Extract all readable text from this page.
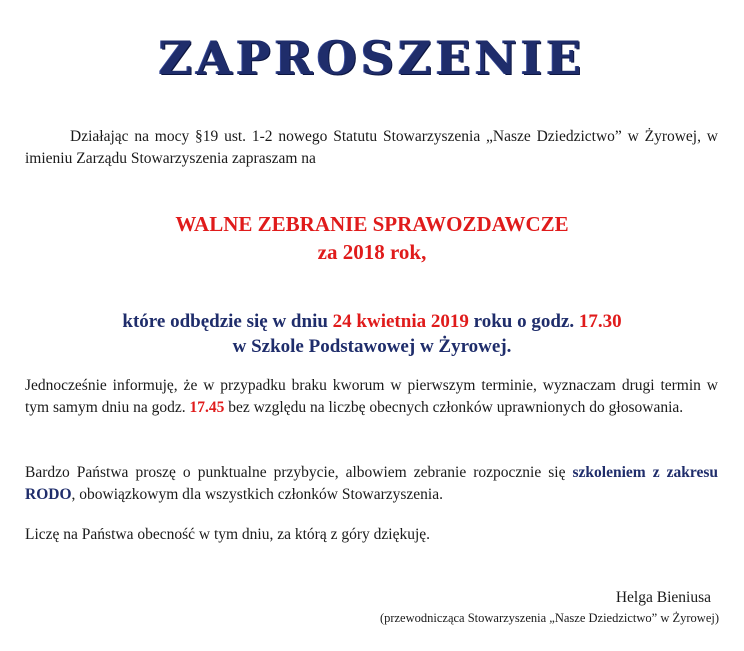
ZAPROSZENIE
Działając na mocy §19 ust. 1-2 nowego Statutu Stowarzyszenia „Nasze Dziedzictwo” w Żyrowej, w imieniu Zarządu Stowarzyszenia zapraszam na
WALNE ZEBRANIE SPRAWOZDAWCZE
za 2018 rok,
które odbędzie się w dniu 24 kwietnia 2019 roku o godz. 17.30
w Szkole Podstawowej w Żyrowej.
Jednocześnie informuję, że w przypadku braku kworum w pierwszym terminie, wyznaczam drugi termin w tym samym dniu na godz. 17.45 bez względu na liczbę obecnych członków uprawnionych do głosowania.
Bardzo Państwa proszę o punktualne przybycie, albowiem zebranie rozpocznie się szkoleniem z zakresu RODO, obowiązkowym dla wszystkich członków Stowarzyszenia.
Liczę na Państwa obecność w tym dniu, za którą z góry dziękuję.
Helga Bieniusa
(przewodnicząca Stowarzyszenia „Nasze Dziedzictwo” w Żyrowej)
